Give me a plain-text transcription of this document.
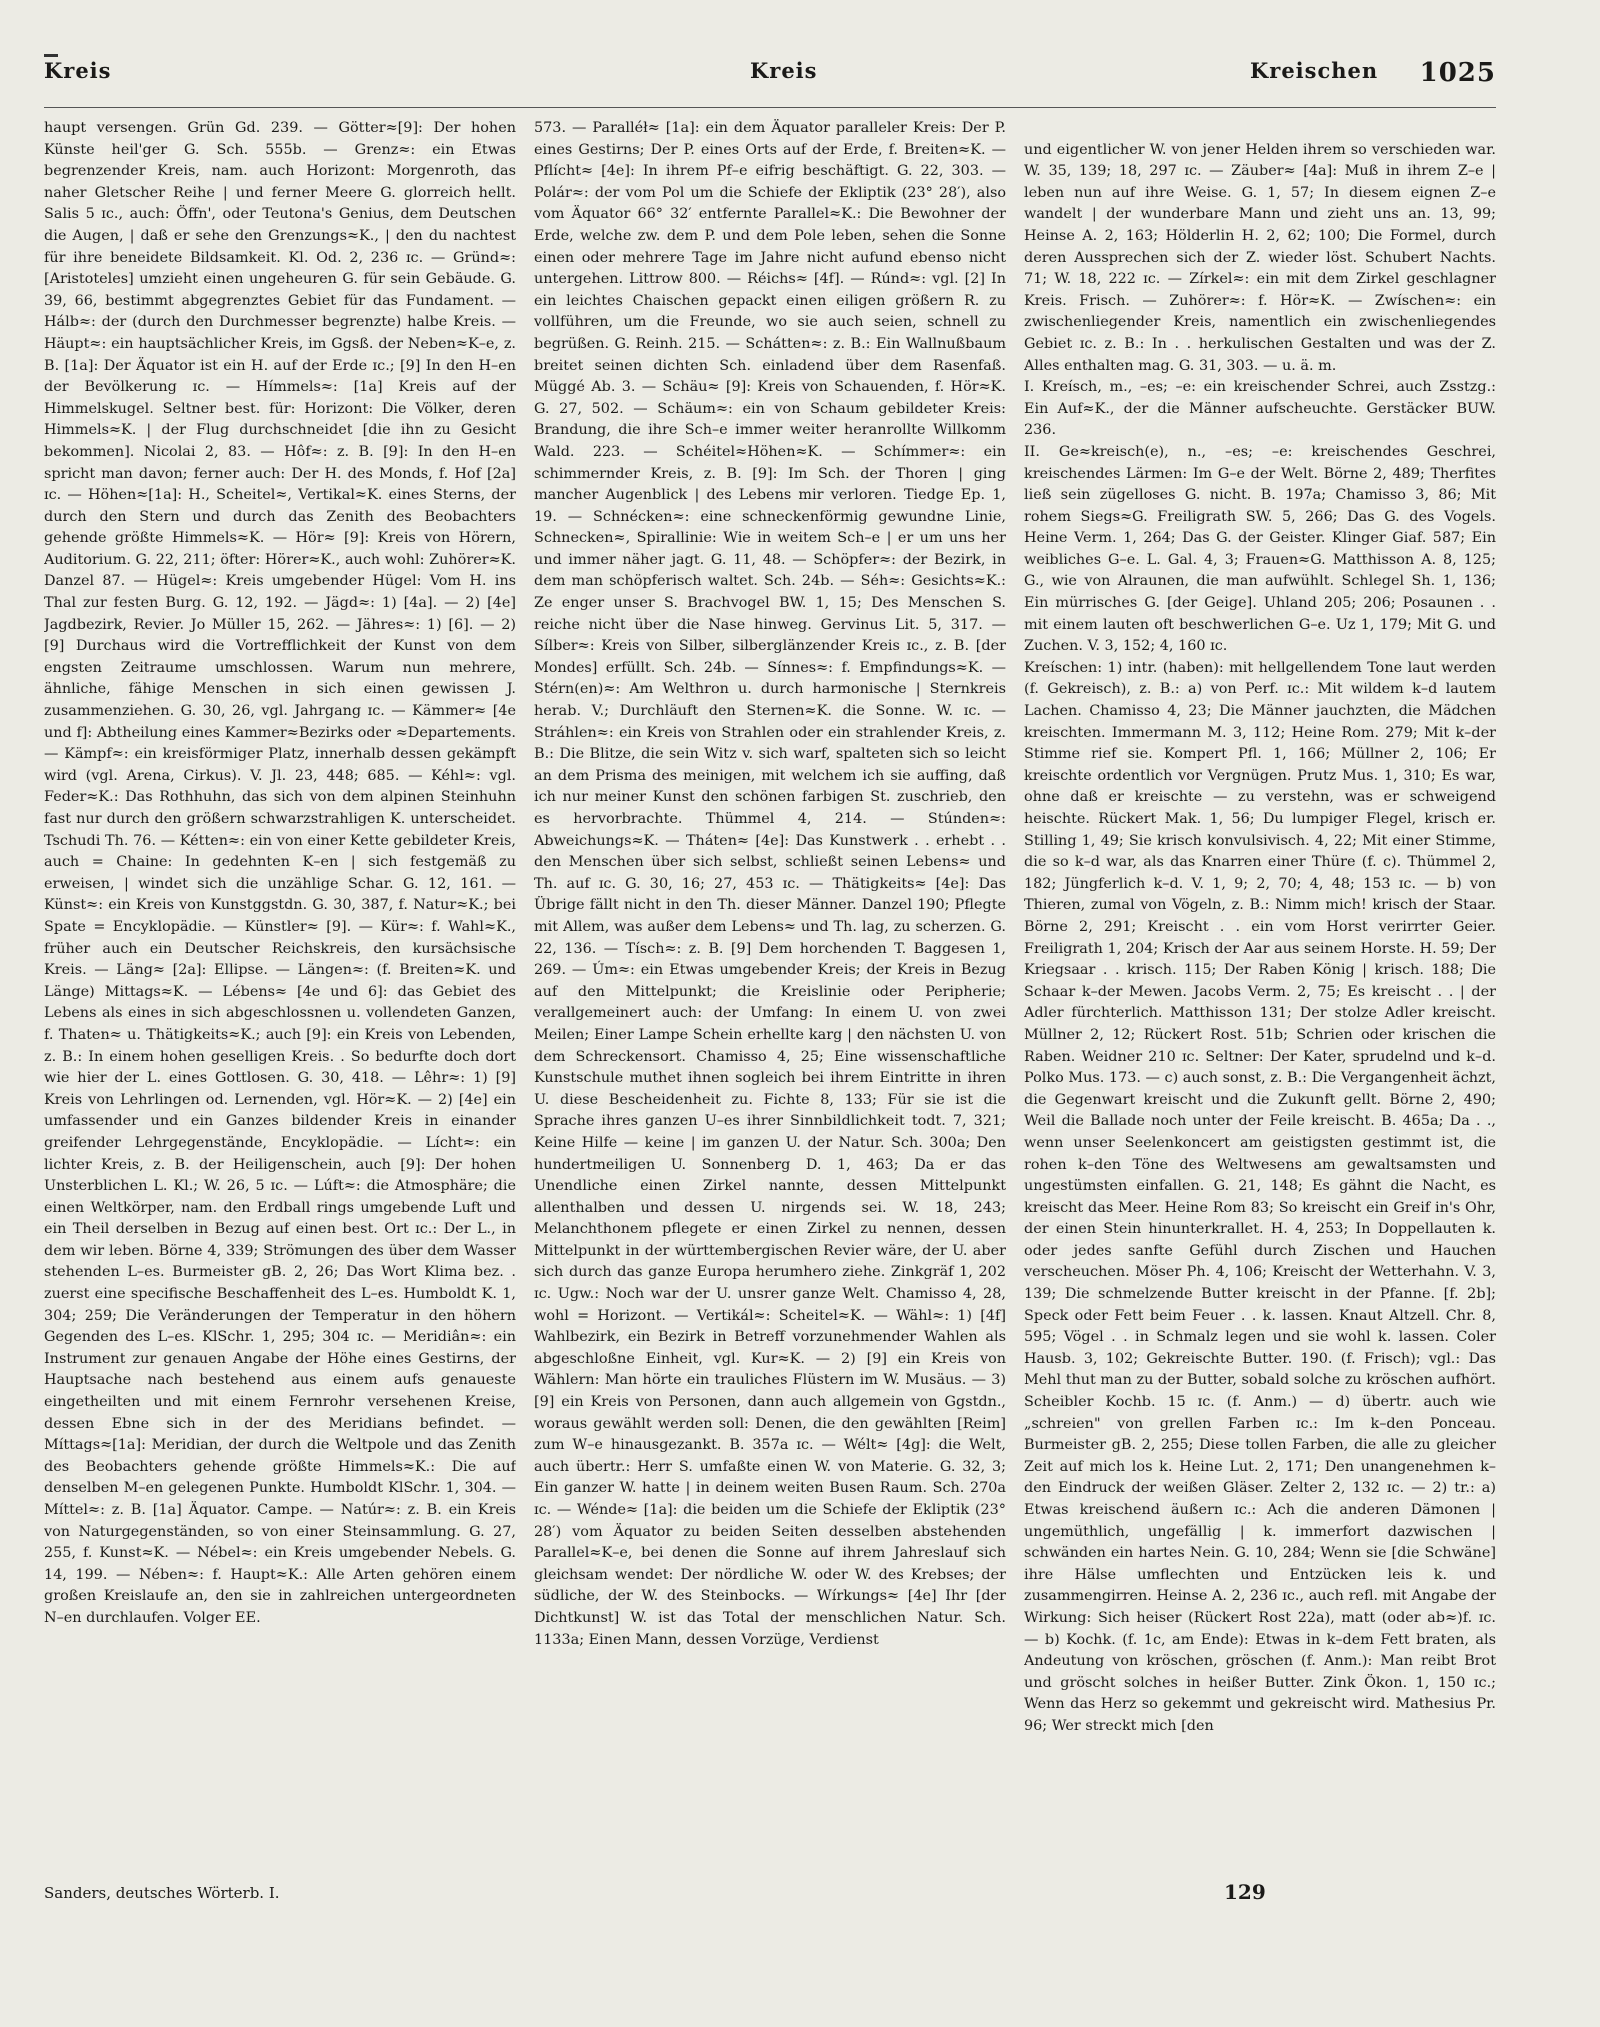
Kreis	Kreis	Kreischen 1025

haupt versengen. Grün Gd. 239. — Götter≈[9]: Der hohen Künste heil'ger G. Sch. 555b. — Grenz≈: ein Etwas begrenzender Kreis, nam. auch Horizont: Morgenroth, das naher Gletscher Reihe | und ferner Meere G. glorreich hellt. Salis 5 ɪc., auch: Öffn', oder Teutona's Genius, dem Deutschen die Augen, | daß er sehe den Grenzungs≈K., | den du nachtest für ihre beneidete Bildsamkeit. Kl. Od. 2, 236 ɪc. — Gründ≈: [Aristoteles] umzieht einen ungeheuren G. für sein Gebäude. G. 39, 66, bestimmt abgegrenztes Gebiet für das Fundament. — Hálb≈: der (durch den Durchmesser begrenzte) halbe Kreis. — Häupt≈: ein hauptsächlicher Kreis, im Ggsß. der Neben≈K–e, z. B. [1a]: Der Äquator ist ein H. auf der Erde ɪc.; [9] In den H–en der Bevölkerung ɪc. — Hímmels≈: [1a] Kreis auf der Himmelskugel. Seltner best. für: Horizont: Die Völker, deren Himmels≈K. | der Flug durchschneidet [die ihn zu Gesicht bekommen]. Nicolai 2, 83. — Hôf≈: z. B. [9]: In den H–en spricht man davon; ferner auch: Der H. des Monds, f. Hof [2a] ɪc. — Höhen≈[1a]: H., Scheitel≈, Vertikal≈K. eines Sterns, der durch den Stern und durch das Zenith des Beobachters gehende größte Himmels≈K. — Hör≈ [9]: Kreis von Hörern, Auditorium. G. 22, 211; öfter: Hörer≈K., auch wohl: Zuhörer≈K. Danzel 87. — Hügel≈: Kreis umgebender Hügel: Vom H. ins Thal zur festen Burg. G. 12, 192. — Jägd≈: 1) [4a]. — 2) [4e] Jagdbezirk, Revier. Jo Müller 15, 262. — Jähres≈: 1) [6]. — 2) [9] Durchaus wird die Vortrefflichkeit der Kunst von dem engsten Zeitraume umschlossen. Warum nun mehrere, ähnliche, fähige Menschen in sich einen gewissen J. zusammenziehen. G. 30, 26, vgl. Jahrgang ɪc. — Kämmer≈ [4e und f]: Abtheilung eines Kammer≈Bezirks oder ≈Departements. — Kämpf≈: ein kreisförmiger Platz, innerhalb dessen gekämpft wird (vgl. Arena, Cirkus). V. Jl. 23, 448; 685. — Kéhl≈: vgl. Feder≈K.: Das Rothhuhn, das sich von dem alpinen Steinhuhn fast nur durch den größern schwarzstrahligen K. unterscheidet. Tschudi Th. 76. — Kétten≈: ein von einer Kette gebildeter Kreis, auch = Chaine: In gedehnten K–en | sich festgemäß zu erweisen, | windet sich die unzählige Schar. G. 12, 161. — Künst≈: ein Kreis von Kunstggstdn. G. 30, 387, f. Natur≈K.; bei Spate = Encyklopädie. — Künstler≈ [9]. — Kür≈: f. Wahl≈K., früher auch ein Deutscher Reichskreis, den kursächsische Kreis. — Läng≈ [2a]: Ellipse. — Längen≈: (f. Breiten≈K. und Länge) Mittags≈K. — Lébens≈ [4e und 6]: das Gebiet des Lebens als eines in sich abgeschlossnen u. vollendeten Ganzen, f. Thaten≈ u. Thätigkeits≈K.; auch [9]: ein Kreis von Lebenden, z. B.: In einem hohen geselligen Kreis. . So bedurfte doch dort wie hier der L. eines Gottlosen. G. 30, 418. — Lêhr≈: 1) [9] Kreis von Lehrlingen od. Lernenden, vgl. Hör≈K. — 2) [4e] ein umfassender und ein Ganzes bildender Kreis in einander greifender Lehrgegenstände, Encyklopädie. — Lícht≈: ein lichter Kreis, z. B. der Heiligenschein, auch [9]: Der hohen Unsterblichen L. Kl.; W. 26, 5 ɪc. — Lúft≈: die Atmosphäre; die einen Weltkörper, nam. den Erdball rings umgebende Luft und ein Theil derselben in Bezug auf einen best. Ort ɪc.: Der L., in dem wir leben. Börne 4, 339; Strömungen des über dem Wasser stehenden L–es. Burmeister gB. 2, 26; Das Wort Klima bez. . zuerst eine specifische Beschaffenheit des L–es. Humboldt K. 1, 304; 259; Die Veränderungen der Temperatur in den höhern Gegenden des L–es. KlSchr. 1, 295; 304 ɪc. — Meridiân≈: ein Instrument zur genauen Angabe der Höhe eines Gestirns, der Hauptsache nach bestehend aus einem aufs genaueste eingetheilten und mit einem Fernrohr versehenen Kreise, dessen Ebne sich in der des Meridians befindet. — Míttags≈[1a]: Meridian, der durch die Weltpole und das Zenith des Beobachters gehende größte Himmels≈K.: Die auf denselben M–en gelegenen Punkte. Humboldt KlSchr. 1, 304. — Míttel≈: z. B. [1a] Äquator. Campe. — Natúr≈: z. B. ein Kreis von Naturgegenständen, so von einer Steinsammlung. G. 27, 255, f. Kunst≈K. — Nébel≈: ein Kreis umgebender Nebels. G. 14, 199. — Nében≈: f. Haupt≈K.: Alle Arten gehören einem großen Kreislaufe an, den sie in zahlreichen untergeordneten N–en durchlaufen. Volger EE.

573. — Paralléł≈ [1a]: ein dem Äquator paralleler Kreis: Der P. eines Gestirns; Der P. eines Orts auf der Erde, f. Breiten≈K. — Pflícht≈ [4e]: In ihrem Pf–e eifrig beschäftigt. G. 22, 303. — Polár≈: der vom Pol um die Schiefe der Ekliptik (23° 28′), also vom Äquator 66° 32′ entfernte Parallel≈K.: Die Bewohner der Erde, welche zw. dem P. und dem Pole leben, sehen die Sonne einen oder mehrere Tage im Jahre nicht aufund ebenso nicht untergehen. Littrow 800. — Réichs≈ [4f]. — Rúnd≈: vgl. [2] In ein leichtes Chaischen gepackt einen eiligen größern R. zu vollführen, um die Freunde, wo sie auch seien, schnell zu begrüßen. G. Reinh. 215. — Schátten≈: z. B.: Ein Wallnußbaum breitet seinen dichten Sch. einladend über dem Rasenfaß. Müggé Ab. 3. — Schäu≈ [9]: Kreis von Schauenden, f. Hör≈K. G. 27, 502. — Schäum≈: ein von Schaum gebildeter Kreis: Brandung, die ihre Sch–e immer weiter heranrollte Willkomm Wald. 223. — Schéitel≈Höhen≈K. — Schímmer≈: ein schimmernder Kreis, z. B. [9]: Im Sch. der Thoren | ging mancher Augenblick | des Lebens mir verloren. Tiedge Ep. 1, 19. — Schnécken≈: eine schneckenförmig gewundne Linie, Schnecken≈, Spirallinie: Wie in weitem Sch–e | er um uns her und immer näher jagt. G. 11, 48. — Schöpfer≈: der Bezirk, in dem man schöpferisch waltet. Sch. 24b. — Séh≈: Gesichts≈K.: Ze enger unser S. Brachvogel BW. 1, 15; Des Menschen S. reiche nicht über die Nase hinweg. Gervinus Lit. 5, 317. — Sílber≈: Kreis von Silber, silberglänzender Kreis ɪc., z. B. [der Mondes] erfüllt. Sch. 24b. — Sínnes≈: f. Empfindungs≈K. — Stérn(en)≈: Am Welthron u. durch harmonische | Sternkreis herab. V.; Durchläuft den Sternen≈K. die Sonne. W. ɪc. — Stráhlen≈: ein Kreis von Strahlen oder ein strahlender Kreis, z. B.: Die Blitze, die sein Witz v. sich warf, spalteten sich so leicht an dem Prisma des meinigen, mit welchem ich sie auffing, daß ich nur meiner Kunst den schönen farbigen St. zuschrieb, den es hervorbrachte. Thümmel 4, 214. — Stúnden≈: Abweichungs≈K. — Tháten≈ [4e]: Das Kunstwerk . . erhebt . . den Menschen über sich selbst, schließt seinen Lebens≈ und Th. auf ɪc. G. 30, 16; 27, 453 ɪc. — Thätigkeits≈ [4e]: Das Übrige fällt nicht in den Th. dieser Männer. Danzel 190; Pflegte mit Allem, was außer dem Lebens≈ und Th. lag, zu scherzen. G. 22, 136. — Tísch≈: z. B. [9] Dem horchenden T. Baggesen 1, 269. — Úm≈: ein Etwas umgebender Kreis; der Kreis in Bezug auf den Mittelpunkt; die Kreislinie oder Peripherie; verallgemeinert auch: der Umfang: In einem U. von zwei Meilen; Einer Lampe Schein erhellte karg | den nächsten U. von dem Schreckensort. Chamisso 4, 25; Eine wissenschaftliche Kunstschule muthet ihnen sogleich bei ihrem Eintritte in ihren U. diese Bescheidenheit zu. Fichte 8, 133; Für sie ist die Sprache ihres ganzen U–es ihrer Sinnbildlichkeit todt. 7, 321; Keine Hilfe — keine | im ganzen U. der Natur. Sch. 300a; Den hundertmeiligen U. Sonnenberg D. 1, 463; Da er das Unendliche einen Zirkel nannte, dessen Mittelpunkt allenthalben und dessen U. nirgends sei. W. 18, 243; Melanchthonem pflegete er einen Zirkel zu nennen, dessen Mittelpunkt in der württembergischen Revier wäre, der U. aber sich durch das ganze Europa herumhero ziehe. Zinkgräf 1, 202 ɪc. Ugw.: Noch war der U. unsrer ganze Welt. Chamisso 4, 28, wohl = Horizont. — Vertikál≈: Scheitel≈K. — Wähl≈: 1) [4f] Wahlbezirk, ein Bezirk in Betreff vorzunehmender Wahlen als abgeschloßne Einheit, vgl. Kur≈K. — 2) [9] ein Kreis von Wählern: Man hörte ein trauliches Flüstern im W. Musäus. — 3) [9] ein Kreis von Personen, dann auch allgemein von Ggstdn., woraus gewählt werden soll: Denen, die den gewählten [Reim] zum W–e hinausgezankt. B. 357a ɪc. — Wélt≈ [4g]: die Welt, auch übertr.: Herr S. umfaßte einen W. von Materie. G. 32, 3; Ein ganzer W. hatte | in deinem weiten Busen Raum. Sch. 270a ɪc. — Wénde≈ [1a]: die beiden um die Schiefe der Ekliptik (23° 28′) vom Äquator zu beiden Seiten desselben abstehenden Parallel≈K–e, bei denen die Sonne auf ihrem Jahreslauf sich gleichsam wendet: Der nördliche W. oder W. des Krebses; der südliche, der W. des Steinbocks. — Wírkungs≈ [4e] Ihr [der Dichtkunst] W. ist das Total der menschlichen Natur. Sch. 1133a; Einen Mann, dessen Vorzüge, Verdienst

und eigentlicher W. von jener Helden ihrem so verschieden war. W. 35, 139; 18, 297 ɪc. — Zäuber≈ [4a]: Muß in ihrem Z–e | leben nun auf ihre Weise. G. 1, 57; In diesem eignen Z–e wandelt | der wunderbare Mann und zieht uns an. 13, 99; Heinse A. 2, 163; Hölderlin H. 2, 62; 100; Die Formel, durch deren Aussprechen sich der Z. wieder löst. Schubert Nachts. 71; W. 18, 222 ɪc. — Zírkel≈: ein mit dem Zirkel geschlagner Kreis. Frisch. — Zuhörer≈: f. Hör≈K. — Zwíschen≈: ein zwischenliegender Kreis, namentlich ein zwischenliegendes Gebiet ɪc. z. B.: In . . herkulischen Gestalten und was der Z. Alles enthalten mag. G. 31, 303. — u. ä. m.
I. Kreísch, m., –es; –e: ein kreischender Schrei, auch Zsstzg.: Ein Auf≈K., der die Männer aufscheuchte. Gerstäcker BUW. 236.
II. Ge≈kreisch(e), n., –es; –e: kreischendes Geschrei, kreischendes Lärmen: Im G–e der Welt. Börne 2, 489; Therfites ließ sein zügelloses G. nicht. B. 197a; Chamisso 3, 86; Mit rohem Siegs≈G. Freiligrath SW. 5, 266; Das G. des Vogels. Heine Verm. 1, 264; Das G. der Geister. Klinger Giaf. 587; Ein weibliches G–e. L. Gal. 4, 3; Frauen≈G. Matthisson A. 8, 125; G., wie von Alraunen, die man aufwühlt. Schlegel Sh. 1, 136; Ein mürrisches G. [der Geige]. Uhland 205; 206; Posaunen . . mit einem lauten oft beschwerlichen G–e. Uz 1, 179; Mit G. und Zuchen. V. 3, 152; 4, 160 ɪc.
Kreíschen: 1) intr. (haben): mit hellgellendem Tone laut werden (f. Gekreisch), z. B.: a) von Perf. ɪc.: Mit wildem k–d lautem Lachen. Chamisso 4, 23; Die Männer jauchzten, die Mädchen kreischten. Immermann M. 3, 112; Heine Rom. 279; Mit k–der Stimme rief sie. Kompert Pfl. 1, 166; Müllner 2, 106; Er kreischte ordentlich vor Vergnügen. Prutz Mus. 1, 310; Es war, ohne daß er kreischte — zu verstehn, was er schweigend heischte. Rückert Mak. 1, 56; Du lumpiger Flegel, krisch er. Stilling 1, 49; Sie krisch konvulsivisch. 4, 22; Mit einer Stimme, die so k–d war, als das Knarren einer Thüre (f. c). Thümmel 2, 182; Jüngferlich k–d. V. 1, 9; 2, 70; 4, 48; 153 ɪc. — b) von Thieren, zumal von Vögeln, z. B.: Nimm mich! krisch der Staar. Börne 2, 291; Kreischt . . ein vom Horst verirrter Geier. Freiligrath 1, 204; Krisch der Aar aus seinem Horste. H. 59; Der Kriegsaar . . krisch. 115; Der Raben König | krisch. 188; Die Schaar k–der Mewen. Jacobs Verm. 2, 75; Es kreischt . . | der Adler fürchterlich. Matthisson 131; Der stolze Adler kreischt. Müllner 2, 12; Rückert Rost. 51b; Schrien oder krischen die Raben. Weidner 210 ɪc. Seltner: Der Kater, sprudelnd und k–d. Polko Mus. 173. — c) auch sonst, z. B.: Die Vergangenheit ächzt, die Gegenwart kreischt und die Zukunft gellt. Börne 2, 490; Weil die Ballade noch unter der Feile kreischt. B. 465a; Da . ., wenn unser Seelenkoncert am geistigsten gestimmt ist, die rohen k–den Töne des Weltwesens am gewaltsamsten und ungestümsten einfallen. G. 21, 148; Es gähnt die Nacht, es kreischt das Meer. Heine Rom 83; So kreischt ein Greif in's Ohr, der einen Stein hinunterkrallet. H. 4, 253; In Doppellauten k. oder jedes sanfte Gefühl durch Zischen und Hauchen verscheuchen. Möser Ph. 4, 106; Kreischt der Wetterhahn. V. 3, 139; Die schmelzende Butter kreischt in der Pfanne. [f. 2b]; Speck oder Fett beim Feuer . . k. lassen. Knaut Altzell. Chr. 8, 595; Vögel . . in Schmalz legen und sie wohl k. lassen. Coler Hausb. 3, 102; Gekreischte Butter. 190. (f. Frisch); vgl.: Das Mehl thut man zu der Butter, sobald solche zu kröschen aufhört. Scheibler Kochb. 15 ɪc. (f. Anm.) — d) übertr. auch wie „schreien" von grellen Farben ɪc.: Im k–den Ponceau. Burmeister gB. 2, 255; Diese tollen Farben, die alle zu gleicher Zeit auf mich los k. Heine Lut. 2, 171; Den unangenehmen k–den Eindruck der weißen Gläser. Zelter 2, 132 ɪc. — 2) tr.: a) Etwas kreischend äußern ɪc.: Ach die anderen Dämonen | ungemüthlich, ungefällig | k. immerfort dazwischen | schwänden ein hartes Nein. G. 10, 284; Wenn sie [die Schwäne] ihre Hälse umflechten und Entzücken leis k. und zusammengirren. Heinse A. 2, 236 ɪc., auch refl. mit Angabe der Wirkung: Sich heiser (Rückert Rost 22a), matt (oder ab≈)f. ɪc. — b) Kochk. (f. 1c, am Ende): Etwas in k–dem Fett braten, als Andeutung von kröschen, gröschen (f. Anm.): Man reibt Brot und gröscht solches in heißer Butter. Zink Ökon. 1, 150 ɪc.; Wenn das Herz so gekemmt und gekreischt wird. Mathesius Pr. 96; Wer streckt mich [den

Sanders, deutsches Wörterb. I.	129
